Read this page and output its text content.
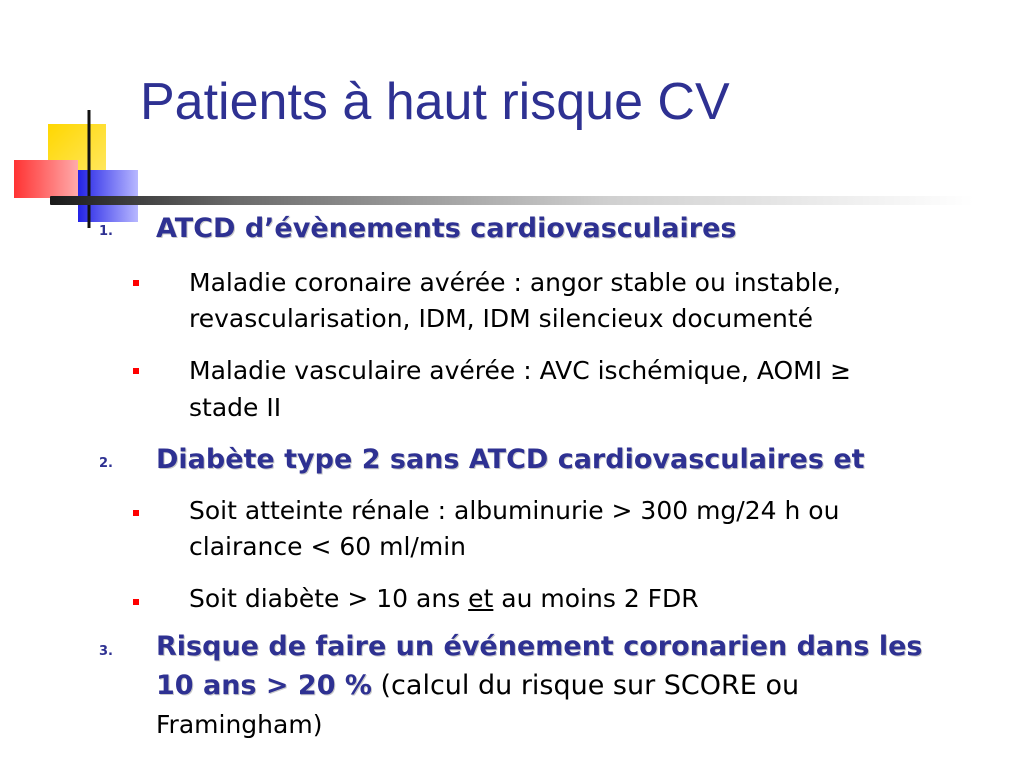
Patients à haut risque CV
1. ATCD d’évènements cardiovasculaires

Maladie coronaire avérée : angor stable ou instable,

revascularisation, IDM, IDM silencieux documenté

Maladie vasculaire avérée : AVC ischémique, AOMI ≥

stade II

2. Diabète type 2 sans ATCD cardiovasculaires et

Soit atteinte rénale : albuminurie > 300 mg/24 h ou

clairance < 60 ml/min

Soit diabète > 10 ans et au moins 2 FDR

3. Risque de faire un événement coronarien dans les

10 ans > 20 % (calcul du risque sur SCORE ou

Framingham)
